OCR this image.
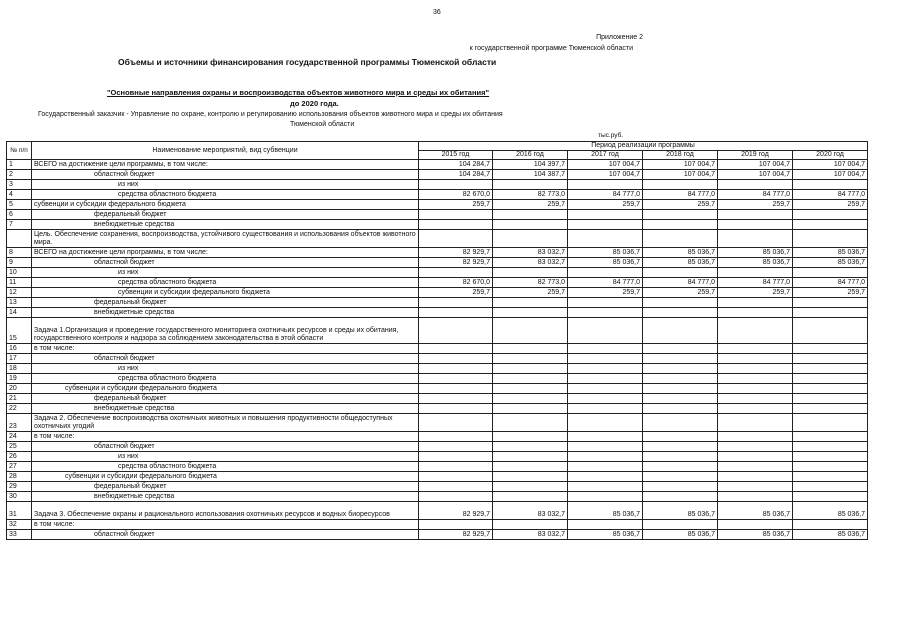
36
Приложение 2
к государственной программе Тюменской области
Объемы и источники финансирования государственной программы Тюменской области
"Основные направления охраны и воспроизводства объектов животного мира и среды их обитания"
до 2020 года.
Государственный заказчик - Управление по охране, контролю и регулированию использования объектов животного мира и среды их обитания
Тюменской области
тыс.руб.
№ п/п	Наименование мероприятий, вид субвенции	Период реализации программы					
		2015 год	2016 год	2017 год	2018 год	2019 год	2020 год
1	ВСЕГО на достижение цели программы, в том числе:	104 284,7	104 397,7	107 004,7	107 004,7	107 004,7	107 004,7
2	областной бюджет	104 284,7	104 387,7	107 004,7	107 004,7	107 004,7	107 004,7
3	из них						
4	средства областного бюджета	82 670,0	82 773,0	84 777,0	84 777,0	84 777,0	84 777,0
5	субвенции и субсидии федерального бюджета	259,7	259,7	259,7	259,7	259,7	259,7
6	федеральный бюджет						
7	внебюджетные средства						
	Цель. Обеспечение сохранения, воспроизводства, устойчивого существования и использования объектов животного мира.						
8	ВСЕГО на достижение цели программы, в том числе:	82 929,7	83 032,7	85 036,7	85 036,7	85 036,7	85 036,7
9	областной бюджет	82 929,7	83 032,7	85 036,7	85 036,7	85 036,7	85 036,7
10	из них						
11	средства областного бюджета	82 670,0	82 773,0	84 777,0	84 777,0	84 777,0	84 777,0
12	субвенции и субсидии федерального бюджета	259,7	259,7	259,7	259,7	259,7	259,7
13	федеральный бюджет						
14	внебюджетные средства						
15	Задача 1.Организация и проведение государственного мониторинга охотничьих ресурсов и среды их обитания, государственного контроля и надзора за соблюдением законодательства в этой области						
16	в том числе:						
17	областной бюджет						
18	из них						
19	средства областного бюджета						
20	субвенции и субсидии федерального бюджета						
21	федеральный бюджет						
22	внебюджетные средства						
23	Задача 2. Обеспечение воспроизводства охотничьих животных и повышения продуктивности общедоступных охотничьих угодий						
24	в том числе:						
25	областной бюджет						
26	из них						
27	средства областного бюджета						
28	субвенции и субсидии федерального бюджета						
29	федеральный бюджет						
30	внебюджетные средства						
31	Задача 3. Обеспечение охраны и рационального использования охотничьих ресурсов и водных биоресурсов	82 929,7	83 032,7	85 036,7	85 036,7	85 036,7	85 036,7
32	в том числе:						
33	областной бюджет	82 929,7	83 032,7	85 036,7	85 036,7	85 036,7	85 036,7
